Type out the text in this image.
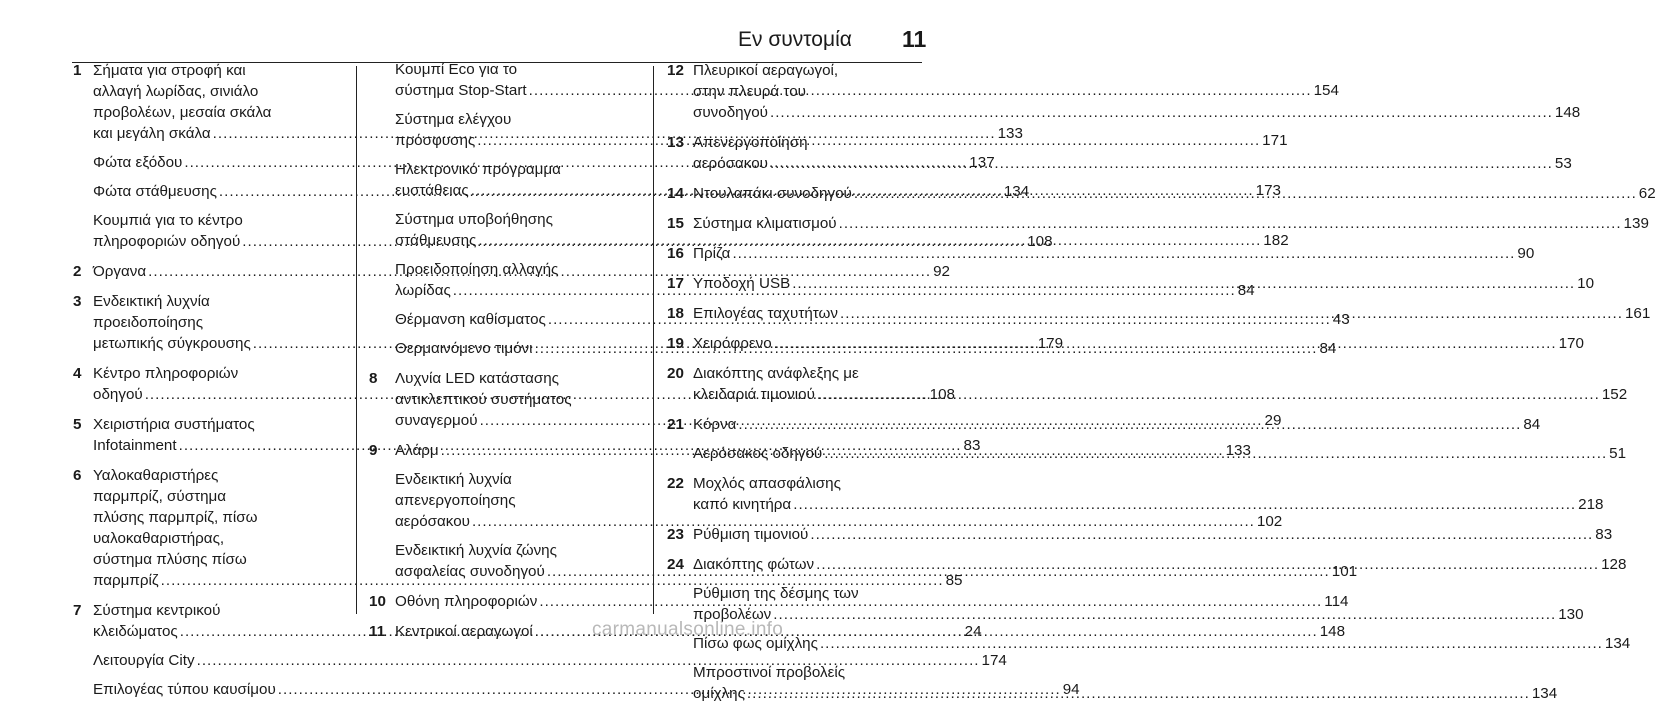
Εν συντομία 11
1 Σήματα για στροφή και
αλλαγή λωρίδας, σινιάλο
προβολέων, μεσαία σκάλα
και μεγάλη σκάλα .....	133
Φώτα εξόδου .....	137
Φώτα στάθμευσης .....	134
Κουμπιά για το κέντρο
πληροφοριών οδηγού .....	108
2 Όργανα .....	92
3 Ενδεικτική λυχνία
προειδοποίησης
μετωπικής σύγκρουσης .....	179
4 Κέντρο πληροφοριών
οδηγού .....	108
5 Χειριστήρια συστήματος
Infotainment .....	83
6 Υαλοκαθαριστήρες
παρμπρίζ, σύστημα
πλύσης παρμπρίζ, πίσω
υαλοκαθαριστήρας,
σύστημα πλύσης πίσω
παρμπρίζ .....	85
7 Σύστημα κεντρικού
κλειδώματος .....	24
Λειτουργία City .....	174
Επιλογέας τύπου καυσίμου .....	94
Κουμπί Eco για το
σύστημα Stop-Start .....	154
Σύστημα ελέγχου
πρόσφυσης .....	171
Ηλεκτρονικό πρόγραμμα
ευστάθειας .....	173
Σύστημα υποβοήθησης
στάθμευσης .....	182
Προειδοποίηση αλλαγής
λωρίδας .....	84
Θέρμανση καθίσματος .....	43
Θερμαινόμενο τιμόνι .....	84
8 Λυχνία LED κατάστασης
αντικλεπτικού συστήματος
συναγερμού .....	29
9 Αλάρμ .....	133
Ενδεικτική λυχνία
απενεργοποίησης
αερόσακου .....	102
Ενδεικτική λυχνία ζώνης
ασφαλείας συνοδηγού .....	101
10 Οθόνη πληροφοριών .....	114
11 Κεντρικοί αεραγωγοί .....	148
12 Πλευρικοί αεραγωγοί,
στην πλευρά του
συνοδηγού .....	148
13 Απενεργοποίηση
αερόσακου .....	53
14 Ντουλαπάκι συνοδηγού .....	62
15 Σύστημα κλιματισμού .....	139
16 Πρίζα .....	90
17 Υποδοχή USB .....	10
18 Επιλογέας ταχυτήτων .....	161
19 Χειρόφρενο .....	170
20 Διακόπτης ανάφλεξης με
κλειδαριά τιμονιού .....	152
21 Κόρνα .....	84
Αερόσακος οδηγού .....	51
22 Μοχλός απασφάλισης
καπό κινητήρα .....	218
23 Ρύθμιση τιμονιού .....	83
24 Διακόπτης φώτων .....	128
Ρύθμιση της δέσμης των
προβολέων .....	130
Πίσω φως ομίχλης .....	134
Μπροστινοί προβολείς
ομίχλης .....	134
carmanualsonline.info
